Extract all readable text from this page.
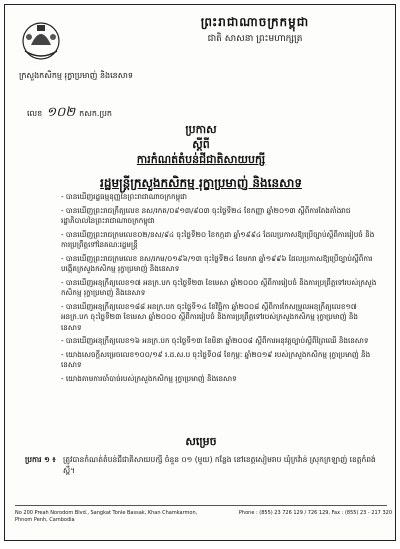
ព្រះរាជាណាចក្រកម្ពុជា
ជាតិ សាសនា ព្រះមហាក្សត្រ
ក្រសួងកសិកម្ម រុក្ខាប្រមាញ់ និងនេសាទ
លេខ ១០២ កសក.ប្រក
ប្រកាស
ស្តីពី
ការកំណត់តំបន់ជីជាតិសាយបក្សី
រដ្ឋមន្ត្រីក្រសួងកសិកម្ម រុក្ខាប្រមាញ់ និងនេសាទ
- បានឃើញរដ្ឋធម្មនុញ្ញនៃព្រះរាជាណាចក្រកម្ពុជា
- បានឃើញព្រះរាជក្រឹត្យលេខ នស/រកត/០៩១៣/៩០៣ ចុះថ្ងៃទី២៤ ខែកញ្ញា ឆ្នាំ២០១៣ ស្តីពីការតែងតាំងរាជរដ្ឋាភិបាលនៃព្រះរាជាណាចក្រកម្ពុជា
- បានឃើញព្រះរាជក្រមលេខ០២/នស/៩៤ ចុះថ្ងៃទី២០ ខែកក្កដា ឆ្នាំ១៩៩៤ ដែលប្រកាសឱ្យប្រើច្បាប់ស្តីពីការរៀបចំ និងការប្រព្រឹត្តទៅនៃគណៈរដ្ឋមន្ត្រី
- បានឃើញព្រះរាជក្រមលេខ នស/រកម/០១៩៦/១៣ ចុះថ្ងៃទី២៤ ខែមករា ឆ្នាំ១៩៩៦ ដែលប្រកាសឱ្យប្រើច្បាប់ស្តីពីការបង្កើតក្រសួងកសិកម្ម រុក្ខាប្រមាញ់ និងនេសាទ
- បានឃើញអនុក្រឹត្យលេខ១៧ អនក្រ.បក ចុះថ្ងៃទី២៣ ខែមេសា ឆ្នាំ២០០០ ស្តីពីការរៀបចំ និងការប្រព្រឹត្តទៅរបស់ក្រសួងកសិកម្ម រុក្ខាប្រមាញ់ និងនេសាទ
- បានឃើញអនុក្រឹត្យលេខ១៨៨ អនក្រ.បក ចុះថ្ងៃទី១៤ ខែវិច្ឆិកា ឆ្នាំ២០០៨ ស្តីពីការកែសម្រួលអនុក្រឹត្យលេខ១៧ អនក្រ.បក ចុះថ្ងៃទី២៣ ខែមេសា ឆ្នាំ២០០០ ស្តីពីការរៀបចំ និងការប្រព្រឹត្តទៅរបស់ក្រសួងកសិកម្ម រុក្ខាប្រមាញ់ និងនេសាទ
- បានឃើញអនុក្រឹត្យលេខ១៦ អនក្រ.បក ចុះថ្ងៃទី១៣ ខែមិនា ឆ្នាំ២០០៨ ស្តីពីការអនុវត្តច្បាប់ស្តីពីព្រៃឈើ និងនេសាទ
- យោងសេចក្តីសម្រេចលេខ១០០/១៩ រ.ដ.ស.ប ចុះថ្ងៃទី០៨ ខែកុម្ភៈ ឆ្នាំ២០១៩ របស់ក្រសួងកសិកម្ម រុក្ខាប្រមាញ់ និងនេសាទ
- យោងតាមការចាំបាច់របស់ក្រសួងកសិកម្ម រុក្ខាប្រមាញ់ និងនេសាទ
សម្រេច
ប្រការ ១ ៖ ត្រូវបានកំណត់តំបន់ជីជាតិសាយបក្សី ចំនួន ០១ (មួយ) កន្លែង នៅខេត្តសៀមរាប ឃុំក្រវ៉ាន់ ស្រុកក្រឡាញ់ ខេត្តកំពង់ស្ពឺ។
No 200 Preah Norodom Blvd., Sangkat Tonle Bassak, Khan Chamkarmon, Phnom Penh, Cambodia
Phone : (855) 23 726 129 / 726 129, Fax : (855) 23 - 217 320
